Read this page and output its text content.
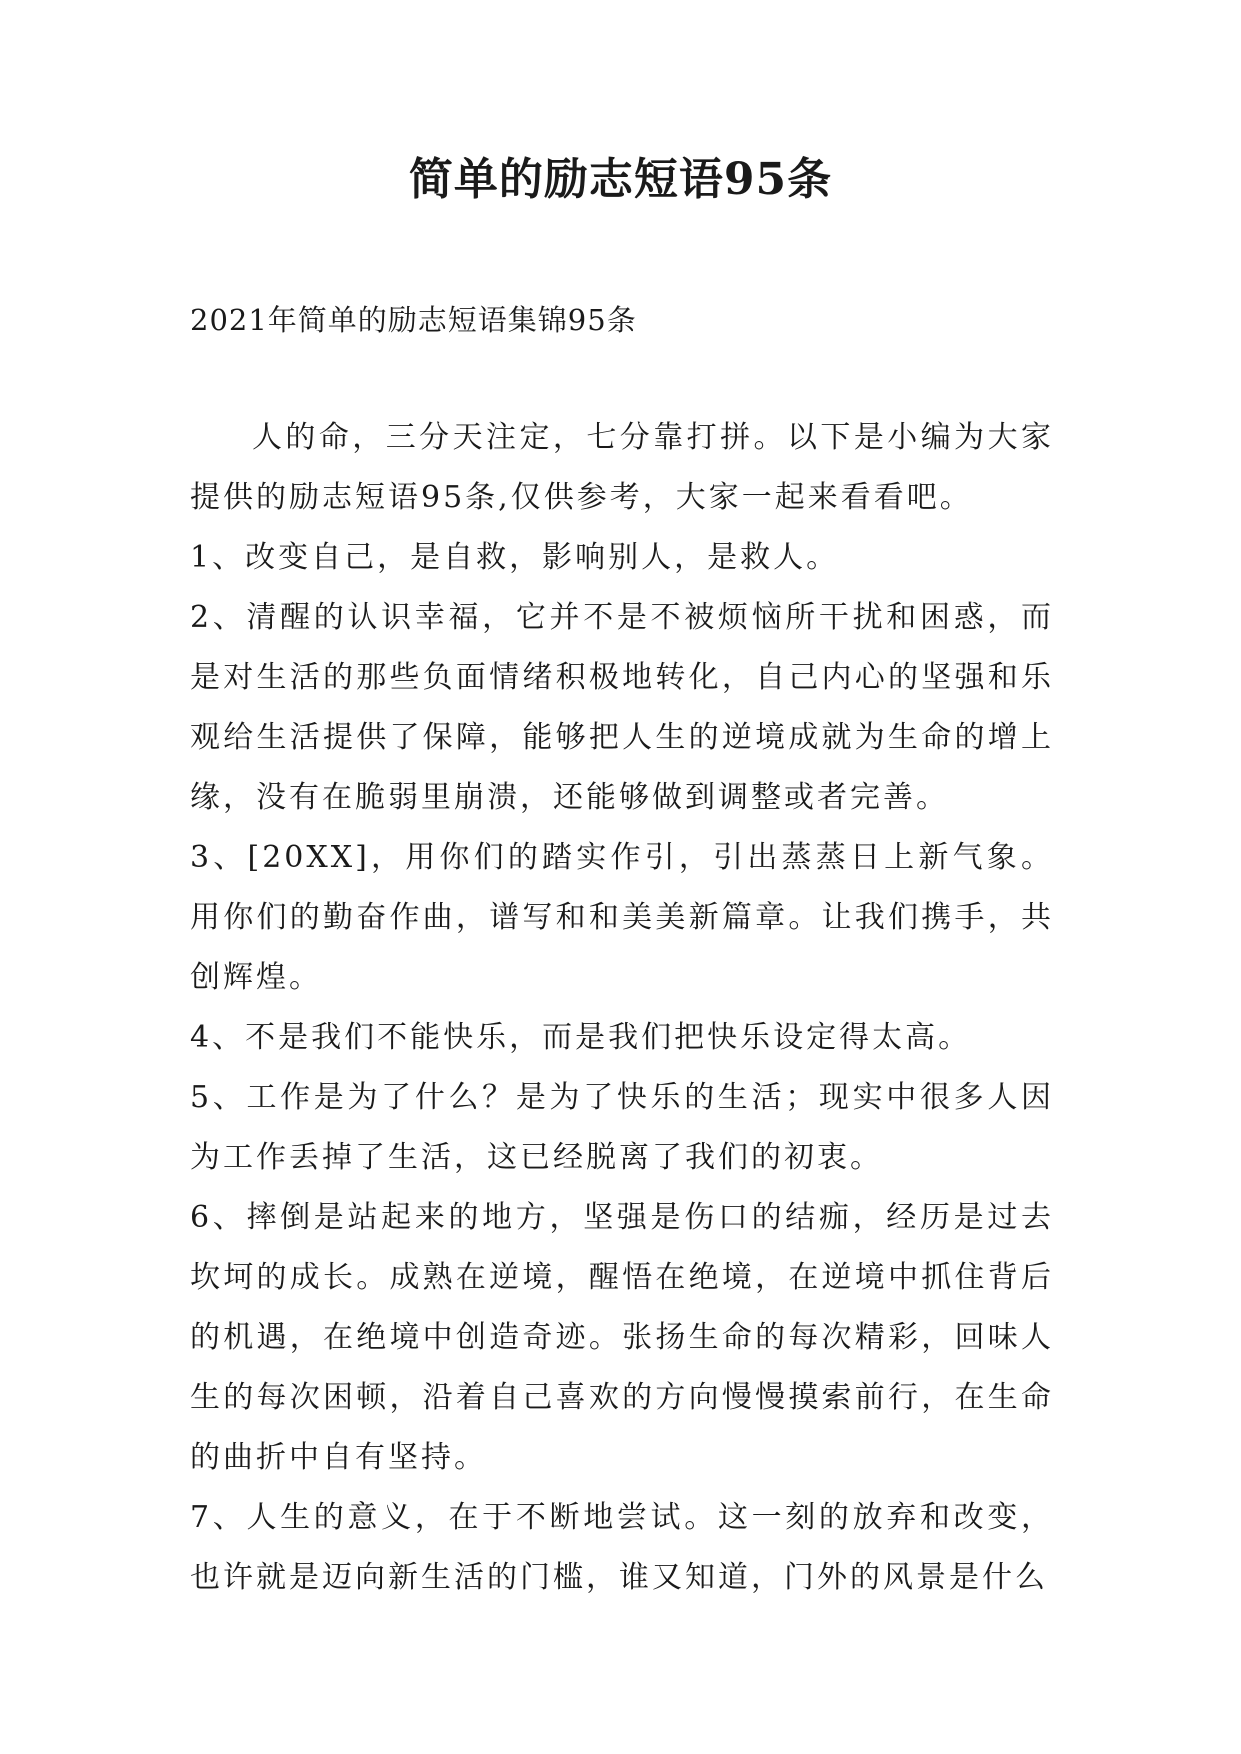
简单的励志短语95条
2021年简单的励志短语集锦95条

人的命，三分天注定，七分靠打拼。以下是小编为大家提供的励志短语95条,仅供参考，大家一起来看看吧。

1、改变自己，是自救，影响别人，是救人。

2、清醒的认识幸福，它并不是不被烦恼所干扰和困惑，而是对生活的那些负面情绪积极地转化，自己内心的坚强和乐观给生活提供了保障，能够把人生的逆境成就为生命的增上缘，没有在脆弱里崩溃，还能够做到调整或者完善。

3、[20XX]，用你们的踏实作引，引出蒸蒸日上新气象。用你们的勤奋作曲，谱写和和美美新篇章。让我们携手，共创辉煌。

4、不是我们不能快乐，而是我们把快乐设定得太高。

5、工作是为了什么？是为了快乐的生活；现实中很多人因为工作丢掉了生活，这已经脱离了我们的初衷。

6、摔倒是站起来的地方，坚强是伤口的结痂，经历是过去坎坷的成长。成熟在逆境，醒悟在绝境，在逆境中抓住背后的机遇，在绝境中创造奇迹。张扬生命的每次精彩，回味人生的每次困顿，沿着自己喜欢的方向慢慢摸索前行，在生命的曲折中自有坚持。

7、人生的意义，在于不断地尝试。这一刻的放弃和改变，也许就是迈向新生活的门槛，谁又知道，门外的风景是什么
